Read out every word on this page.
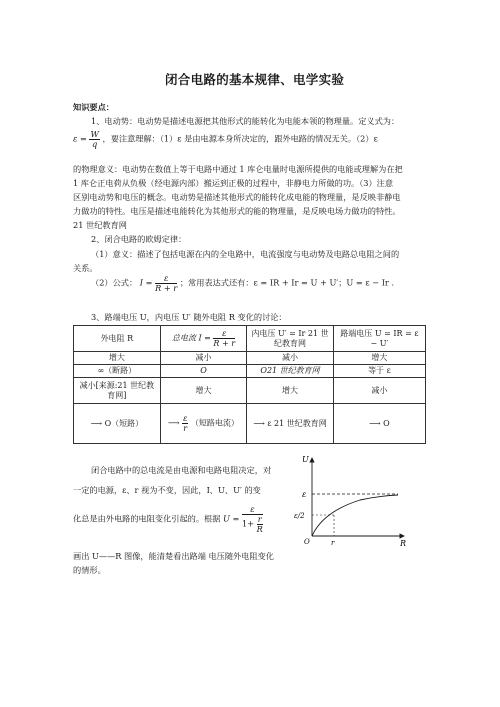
闭合电路的基本规律、电学实验
知识要点：
1、电动势：电动势是描述电源把其他形式的能转化为电能本领的物理量。定义式为：
$\varepsilon = \frac{W}{q}$ ，要注意理解：（1）ε 是由电源本身所决定的，跟外电路的情况无关。（2）ε
的物理意义：电动势在数值上等于电路中通过 1 库仑电量时电源所提供的电能或理解为在把
1 库仑正电荷从负极（经电源内部）搬运到正极的过程中，非静电力所做的功。（3）注意
区别电动势和电压的概念。电动势是描述其他形式的能转化成电能的物理量，是反映非静电
力做功的特性。电压是描述电能转化为其他形式的能的物理量，是反映电场力做功的特性。
21 世纪教育网
2、闭合电路的欧姆定律：
（1）意义：描述了包括电源在内的全电路中，电流强度与电动势及电路总电阻之间的
关系。
（2）公式： $I = \frac{\varepsilon}{R + r}$ ；常用表达式还有：ε = IR + Ir = U + U′；U = ε − Ir .
3、路端电压 U，内电压 U′ 随外电阻 R 变化的讨论：
外电阻 R	总电流 $I = \frac{\varepsilon}{R + r}$	内电压 U′ = Ir 21 世纪教育网	路端电压 U = IR = ε − U′
增大	减小	减小	增大
∞（断路）	O	O21 世纪教育网	等于 ε
减小[来源:21 世纪教育网]	增大	增大	减小
⟶ O（短路）	⟶ $\frac{\varepsilon}{r}$ （短路电流）	⟶ ε 21 世纪教育网	⟶ O
闭合电路中的总电流是由电源和电路电阻决定，对
一定的电源，ε、r 视为不变，因此，I、U、U′ 的变
化总是由外电路的电阻变化引起的。根据 $U = \frac{\varepsilon}{1+ \frac{r}{R}}$
画出 U——R 图像，能清楚看出路端 电压随外电阻变化
的情形。
U
R
O
ε
ε/2
r
